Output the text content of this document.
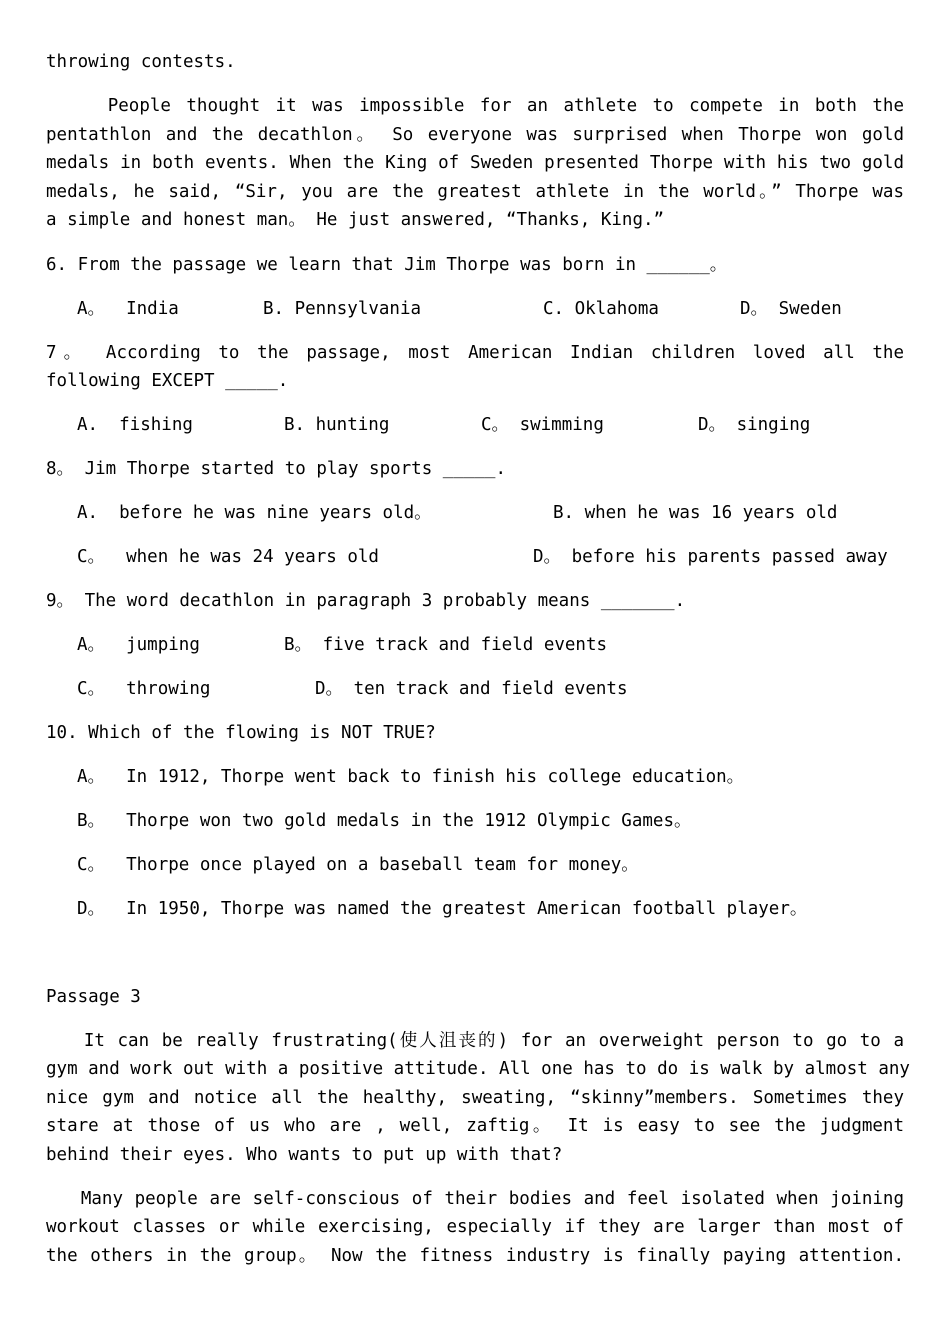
throwing contests.
People thought it was impossible for an athlete to compete in both the
pentathlon and the decathlon。 So everyone was surprised when Thorpe won gold
medals in both events. When the King of Sweden presented Thorpe with his two gold
medals, he said, “Sir, you are the greatest athlete in the world。” Thorpe was
a simple and honest man。 He just answered, “Thanks, King.”
6. From the passage we learn that Jim Thorpe was born in ______。
A。  India	B. Pennsylvania	C. Oklahoma	D。 Sweden
7。 According to the passage, most American Indian children loved all the
following EXCEPT _____.
A.  fishing	B. hunting	C。 swimming	D。 singing
8。 Jim Thorpe started to play sports _____.
A.  before he was nine years old。	B. when he was 16 years old
C。  when he was 24 years old	D。 before his parents passed away
9。 The word decathlon in paragraph 3 probably means _______.
A。  jumping	B。 five track and field events
C。  throwing	D。 ten track and field events
10. Which of the flowing is NOT TRUE?
A。  In 1912, Thorpe went back to finish his college education。
B。  Thorpe won two gold medals in the 1912 Olympic Games。
C。  Thorpe once played on a baseball team for money。
D。  In 1950, Thorpe was named the greatest American football player。
Passage 3
It can be really frustrating(使人沮丧的) for an overweight person to go to a
gym and work out with a positive attitude. All one has to do is walk by almost any
nice gym and notice all the healthy, sweating, “skinny”members. Sometimes they
stare at those of us who are , well, zaftig。 It is easy to see the judgment
behind their eyes. Who wants to put up with that?
Many people are self-conscious of their bodies and feel isolated when joining
workout classes or while exercising, especially if they are larger than most of
the others in the group。 Now the fitness industry is finally paying attention.
